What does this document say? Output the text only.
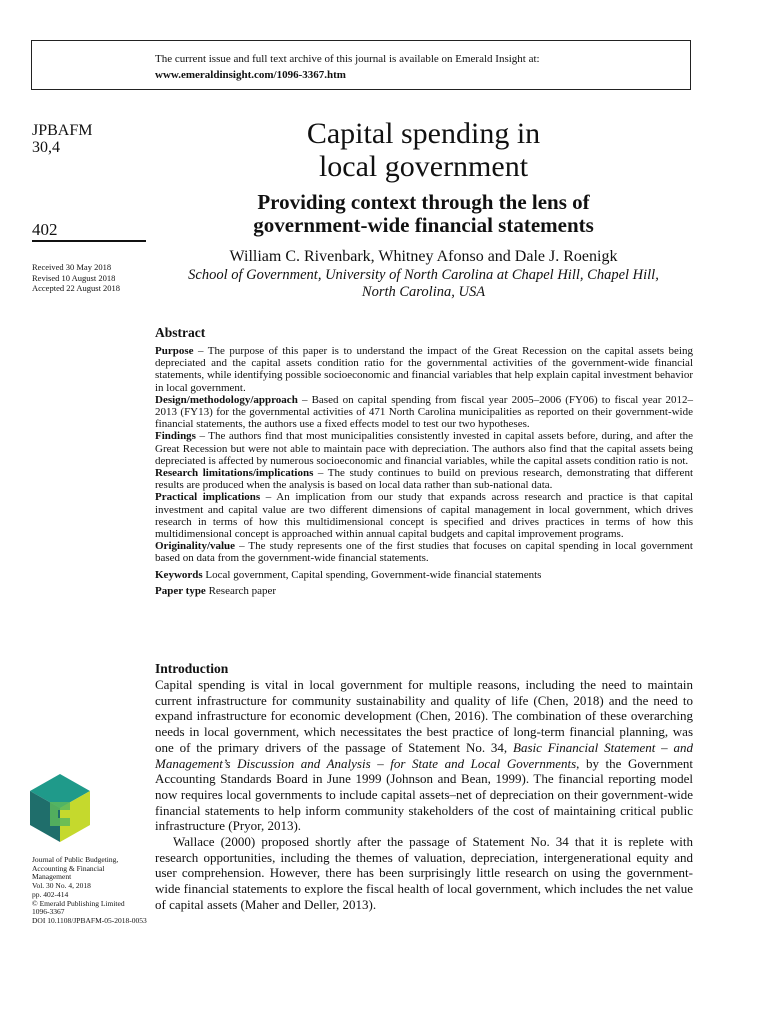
The current issue and full text archive of this journal is available on Emerald Insight at:
www.emeraldinsight.com/1096-3367.htm
JPBAFM
30,4
402
Received 30 May 2018
Revised 10 August 2018
Accepted 22 August 2018
Capital spending in
local government
Providing context through the lens of
government-wide financial statements
William C. Rivenbark, Whitney Afonso and Dale J. Roenigk
School of Government, University of North Carolina at Chapel Hill, Chapel Hill,
North Carolina, USA
Abstract

Purpose – The purpose of this paper is to understand the impact of the Great Recession on the capital assets being depreciated and the capital assets condition ratio for the governmental activities of the government-wide financial statements, while identifying possible socioeconomic and financial variables that help explain capital investment behavior in local government.

Design/methodology/approach – Based on capital spending from fiscal year 2005–2006 (FY06) to fiscal year 2012–2013 (FY13) for the governmental activities of 471 North Carolina municipalities as reported on their government-wide financial statements, the authors use a fixed effects model to test our two hypotheses.

Findings – The authors find that most municipalities consistently invested in capital assets before, during, and after the Great Recession but were not able to maintain pace with depreciation. The authors also find that the capital assets being depreciated is affected by numerous socioeconomic and financial variables, while the capital assets condition ratio is not.

Research limitations/implications – The study continues to build on previous research, demonstrating that different results are produced when the analysis is based on local data rather than sub-national data.

Practical implications – An implication from our study that expands across research and practice is that capital investment and capital value are two different dimensions of capital management in local government, which drives research in terms of how this multidimensional concept is specified and drives practices in terms of how this multidimensional concept is approached within annual capital budgets and capital improvement programs.

Originality/value – The study represents one of the first studies that focuses on capital spending in local government based on data from the government-wide financial statements.

Keywords Local government, Capital spending, Government-wide financial statements
Paper type Research paper
Introduction

Capital spending is vital in local government for multiple reasons, including the need to maintain current infrastructure for community sustainability and quality of life (Chen, 2018) and the need to expand infrastructure for economic development (Chen, 2016). The combination of these overarching needs in local government, which necessitates the best practice of long-term financial planning, was one of the primary drivers of the passage of Statement No. 34, Basic Financial Statement – and Management’s Discussion and Analysis – for State and Local Governments, by the Government Accounting Standards Board in June 1999 (Johnson and Bean, 1999). The financial reporting model now requires local governments to include capital assets–net of depreciation on their government-wide financial statements to help inform community stakeholders of the cost of maintaining critical public infrastructure (Pryor, 2013).

Wallace (2000) proposed shortly after the passage of Statement No. 34 that it is replete with research opportunities, including the themes of valuation, depreciation, intergenerational equity and user comprehension. However, there has been surprisingly little research on using the government-wide financial statements to explore the fiscal health of local government, which includes the net value of capital assets (Maher and Deller, 2013).

Journal of Public Budgeting,
Accounting & Financial
Management
Vol. 30 No. 4, 2018
pp. 402-414
© Emerald Publishing Limited
1096-3367
DOI 10.1108/JPBAFM-05-2018-0053
